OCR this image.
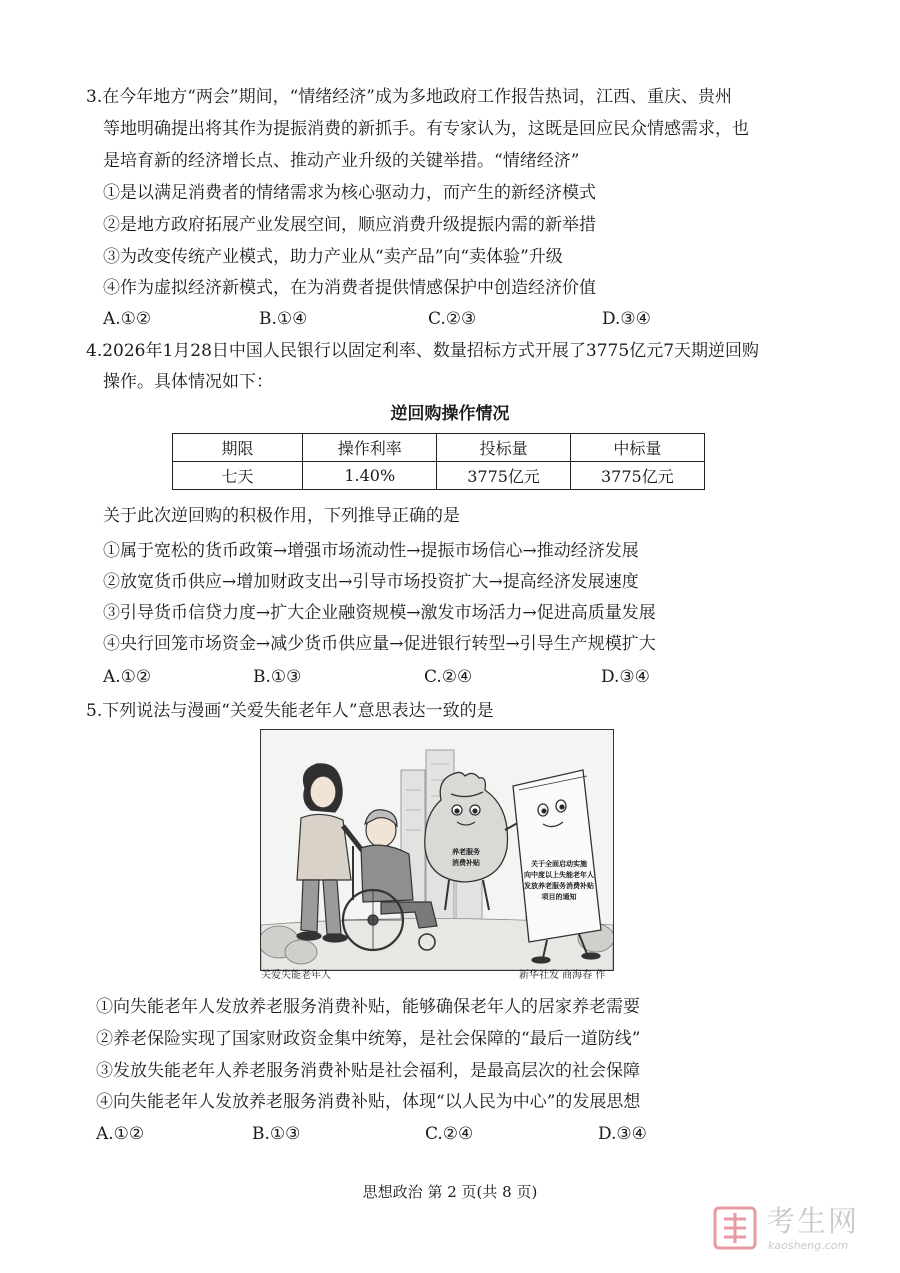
3.在今年地方“两会”期间，“情绪经济”成为多地政府工作报告热词，江西、重庆、贵州
等地明确提出将其作为提振消费的新抓手。有专家认为，这既是回应民众情感需求，也
是培育新的经济增长点、推动产业升级的关键举措。“情绪经济”
①是以满足消费者的情绪需求为核心驱动力，而产生的新经济模式
②是地方政府拓展产业发展空间，顺应消费升级提振内需的新举措
③为改变传统产业模式，助力产业从“卖产品”向“卖体验”升级
④作为虚拟经济新模式，在为消费者提供情感保护中创造经济价值
A.①②	B.①④	C.②③	D.③④
4.2026年1月28日中国人民银行以固定利率、数量招标方式开展了3775亿元7天期逆回购
操作。具体情况如下：
逆回购操作情况
期限	操作利率	投标量	中标量
七天	1.40%	3775亿元	3775亿元
关于此次逆回购的积极作用，下列推导正确的是
①属于宽松的货币政策→增强市场流动性→提振市场信心→推动经济发展
②放宽货币供应→增加财政支出→引导市场投资扩大→提高经济发展速度
③引导货币信贷力度→扩大企业融资规模→激发市场活力→促进高质量发展
④央行回笼市场资金→减少货币供应量→促进银行转型→引导生产规模扩大
A.①②	B.①③	C.②④	D.③④
5.下列说法与漫画“关爱失能老年人”意思表达一致的是
养老服务
消费补贴	关于全面启动实施
向中度以上失能老年人
发放养老服务消费补贴
项目的通知
关爱失能老年人	新华社发 商海春 作
①向失能老年人发放养老服务消费补贴，能够确保老年人的居家养老需要
②养老保险实现了国家财政资金集中统筹，是社会保障的“最后一道防线”
③发放失能老年人养老服务消费补贴是社会福利，是最高层次的社会保障
④向失能老年人发放养老服务消费补贴，体现“以人民为中心”的发展思想
A.①②	B.①③	C.②④	D.③④
思想政治 第 2 页(共 8 页)
考生网
kaosheng.com
